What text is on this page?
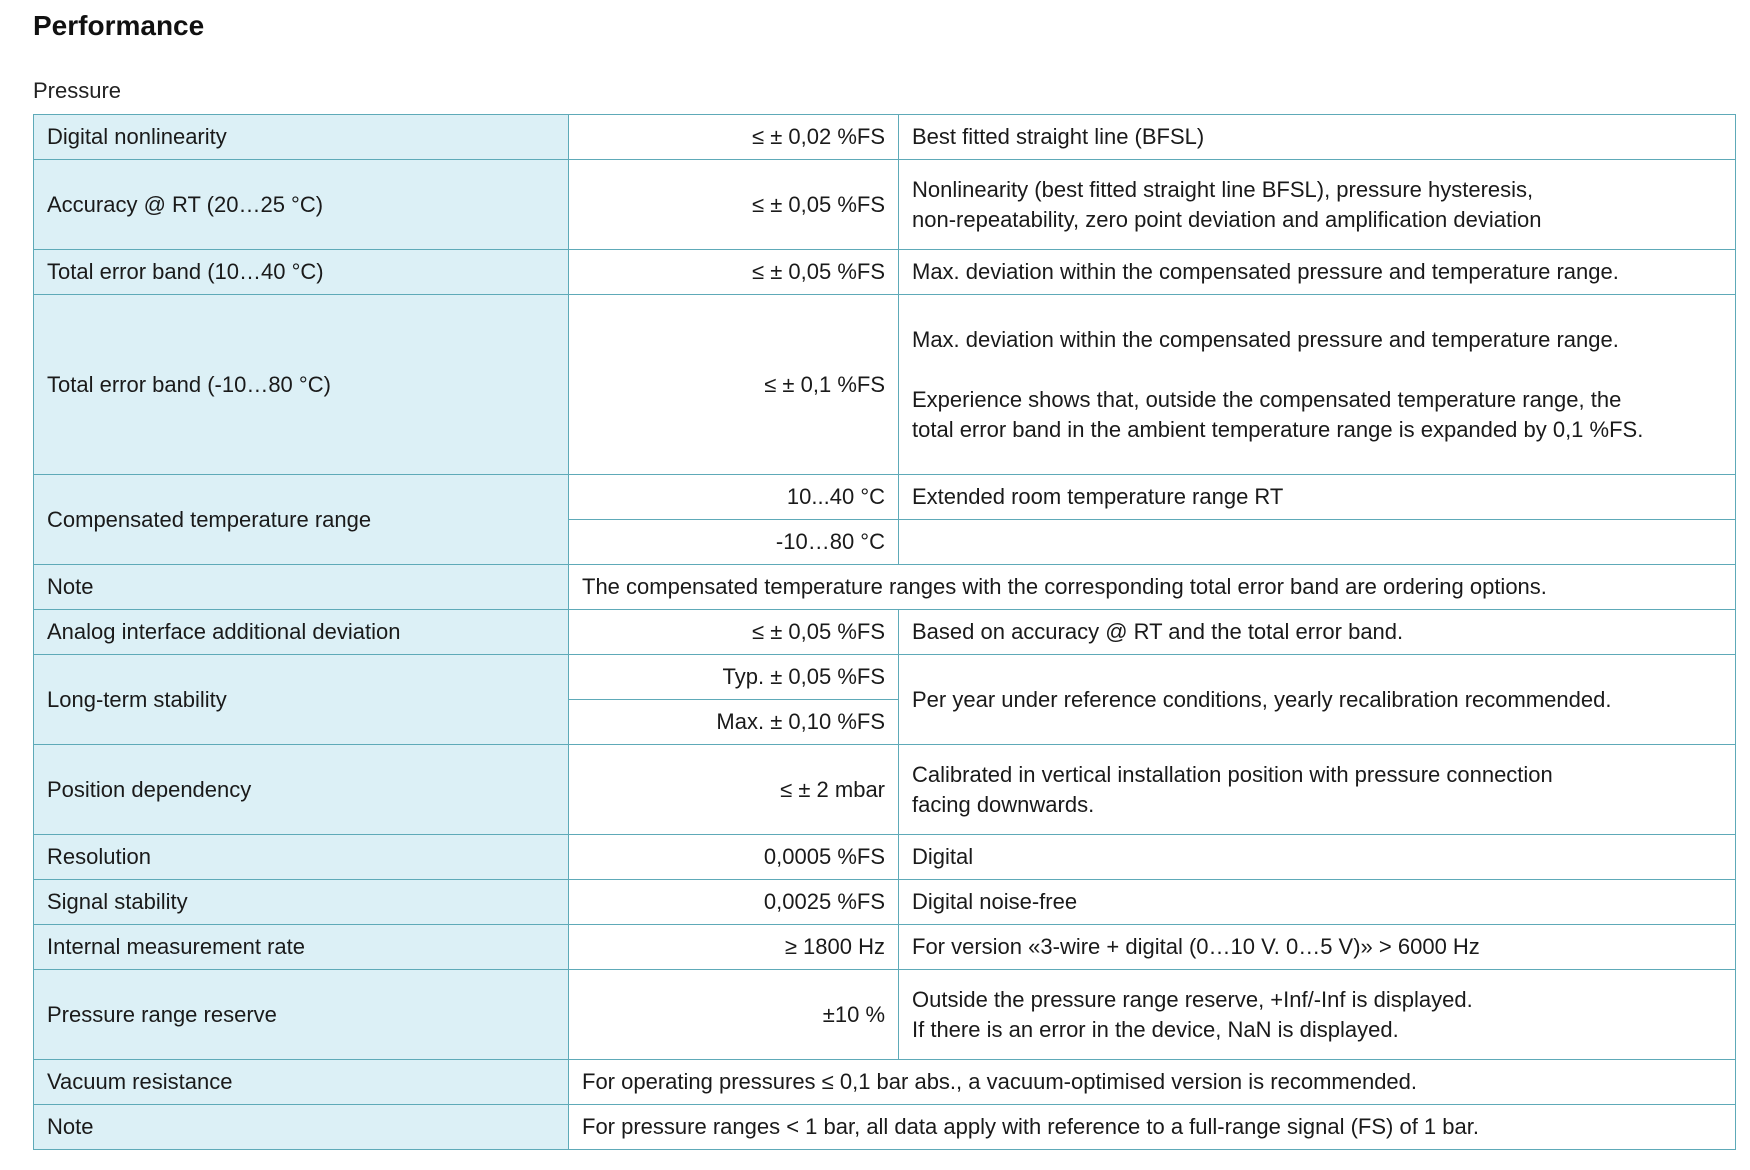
Performance
Pressure
Digital nonlinearity	≤ ± 0,02 %FS	Best fitted straight line (BFSL)
Accuracy @ RT (20…25 °C)	≤ ± 0,05 %FS	Nonlinearity (best fitted straight line BFSL), pressure hysteresis,
non-repeatability, zero point deviation and amplification deviation
Total error band (10…40 °C)	≤ ± 0,05 %FS	Max. deviation within the compensated pressure and temperature range.
Total error band (-10…80 °C)	≤ ± 0,1 %FS	Max. deviation within the compensated pressure and temperature range.

Experience shows that, outside the compensated temperature range, the
total error band in the ambient temperature range is expanded by 0,1 %FS.

Compensated temperature range	10...40 °C	Extended room temperature range RT
	-10…80 °C	
Note	The compensated temperature ranges with the corresponding total error band are ordering options.	
Analog interface additional deviation	≤ ± 0,05 %FS	Based on accuracy @ RT and the total error band.
Long-term stability	Typ. ± 0,05 %FS	Per year under reference conditions, yearly recalibration recommended.
	Max. ± 0,10 %FS	
Position dependency	≤ ± 2 mbar	Calibrated in vertical installation position with pressure connection
facing downwards.
Resolution	0,0005 %FS	Digital
Signal stability	0,0025 %FS	Digital noise-free
Internal measurement rate	≥ 1800 Hz	For version «3-wire + digital (0…10 V. 0…5 V)» > 6000 Hz
Pressure range reserve	±10 %	Outside the pressure range reserve, +Inf/-Inf is displayed.
If there is an error in the device, NaN is displayed.
Vacuum resistance	For operating pressures ≤ 0,1 bar abs., a vacuum-optimised version is recommended.	
Note	For pressure ranges < 1 bar, all data apply with reference to a full-range signal (FS) of 1 bar.	
